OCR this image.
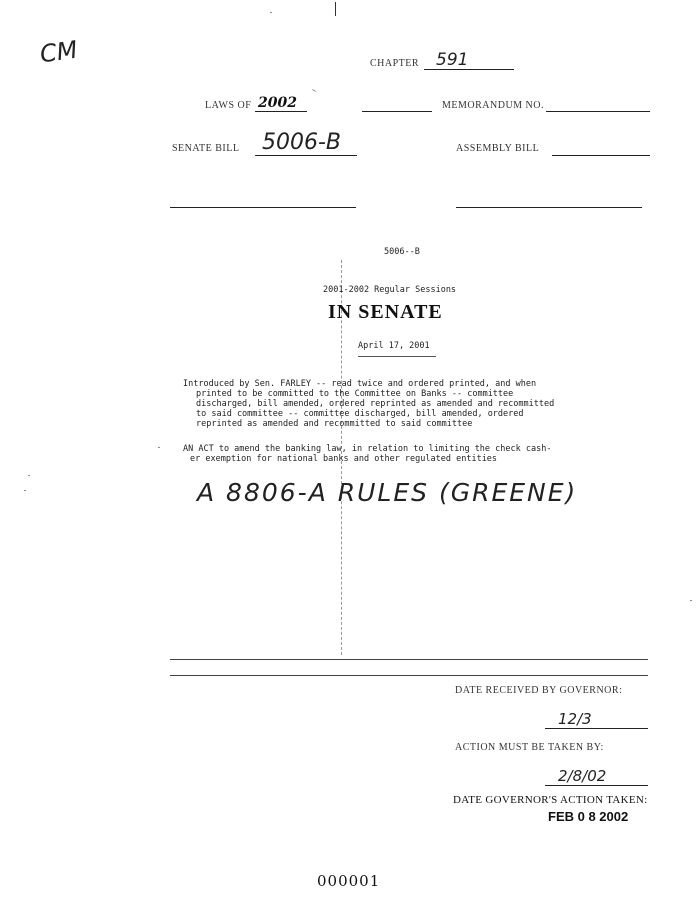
CM	CHAPTER 591
LAWS OF 2002	MEMORANDUM NO.
SENATE BILL 5006-B	ASSEMBLY BILL
5006--B
2001-2002 Regular Sessions
IN SENATE
April 17, 2001
Introduced by Sen. FARLEY -- read twice and ordered printed, and when
printed to be committed to the Committee on Banks -- committee
discharged, bill amended, ordered reprinted as amended and recommitted
to said committee -- committee discharged, bill amended, ordered
reprinted as amended and recommitted to said committee
AN ACT to amend the banking law, in relation to limiting the check cash-
er exemption for national banks and other regulated entities
A 8806-A RULES (GREENE)
DATE RECEIVED BY GOVERNOR:
12/3
ACTION MUST BE TAKEN BY:
2/8/02
DATE GOVERNOR'S ACTION TAKEN:
FEB 0 8 2002
000001
